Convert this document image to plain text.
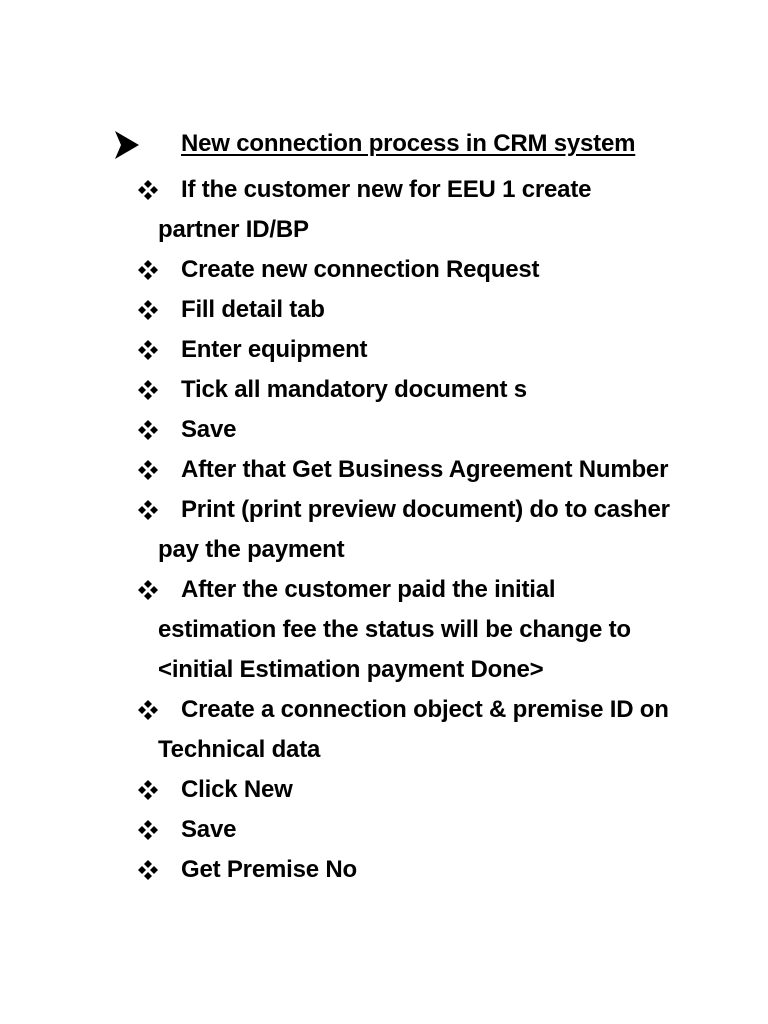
New connection process in CRM system
If the customer new for EEU 1 create partner ID/BP
Create new connection Request
Fill detail tab
Enter equipment
Tick all mandatory document s
Save
After that Get Business Agreement Number
Print (print preview document) do to casher pay the payment
After the customer paid the initial estimation fee the status will be change to <initial Estimation payment Done>
Create a connection object & premise ID on Technical data
Click New
Save
Get Premise No
